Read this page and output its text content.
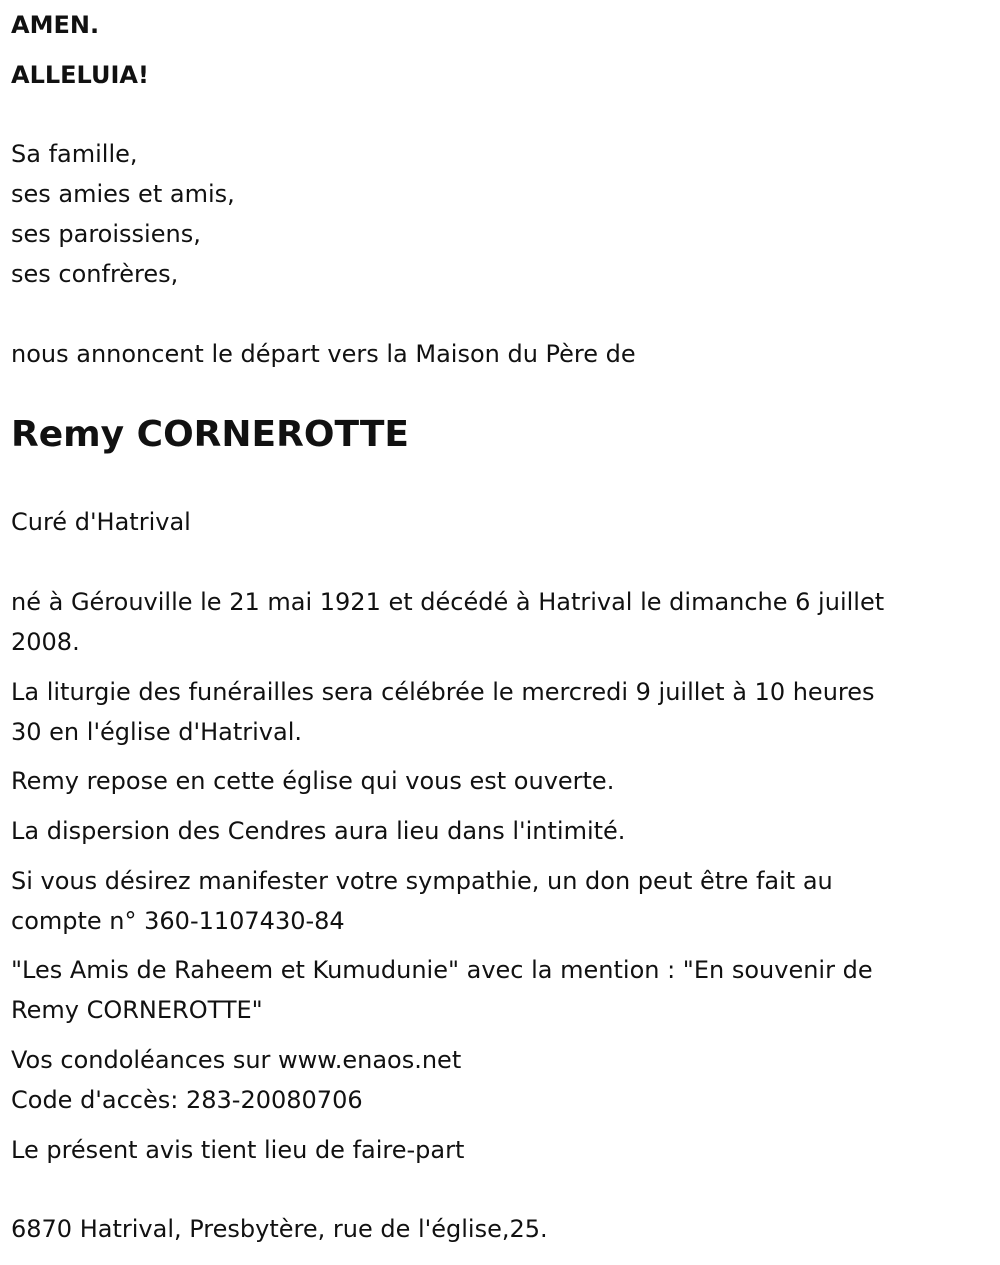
AMEN.
ALLELUIA!
Sa famille,
ses amies et amis,
ses paroissiens,
ses confrères,
nous annoncent le départ vers la Maison du Père de
Remy CORNEROTTE
Curé d'Hatrival
né à Gérouville le 21 mai 1921 et décédé à Hatrival le dimanche 6 juillet
2008.
La liturgie des funérailles sera célébrée le mercredi 9 juillet à 10 heures
30 en l'église d'Hatrival.
Remy repose en cette église qui vous est ouverte.
La dispersion des Cendres aura lieu dans l'intimité.
Si vous désirez manifester votre sympathie, un don peut être fait au
compte n° 360-1107430-84
"Les Amis de Raheem et Kumudunie" avec la mention : "En souvenir de
Remy CORNEROTTE"
Vos condoléances sur www.enaos.net
Code d'accès: 283-20080706
Le présent avis tient lieu de faire-part
6870 Hatrival, Presbytère, rue de l'église,25.
